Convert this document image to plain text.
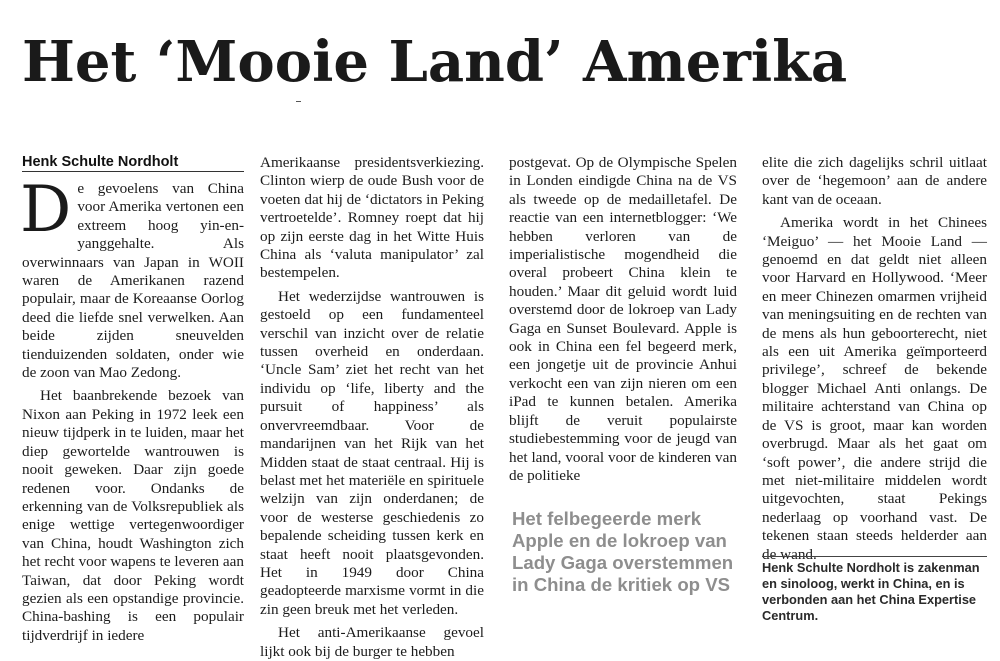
Het ‘Mooie Land’ Amerika

Henk Schulte Nordholt

De gevoelens van China voor Amerika vertonen een extreem hoog yin-en-yanggehalte. Als overwinnaars van Japan in WOII waren de Amerikanen razend populair, maar de Koreaanse Oorlog deed die liefde snel verwelken. Aan beide zijden sneuvelden tienduizenden soldaten, onder wie de zoon van Mao Zedong.

Het baanbrekende bezoek van Nixon aan Peking in 1972 leek een nieuw tijdperk in te luiden, maar het diep gewortelde wantrouwen is nooit geweken. Daar zijn goede redenen voor. Ondanks de erkenning van de Volksrepubliek als enige wettige vertegenwoordiger van China, houdt Washington zich het recht voor wapens te leveren aan Taiwan, dat door Peking wordt gezien als een opstandige provincie. China-bashing is een populair tijdverdrijf in iedere

Amerikaanse presidentsverkiezing. Clinton wierp de oude Bush voor de voeten dat hij de ‘dictators in Peking vertroetelde’. Romney roept dat hij op zijn eerste dag in het Witte Huis China als ‘valuta manipulator’ zal bestempelen.

Het wederzijdse wantrouwen is gestoeld op een fundamenteel verschil van inzicht over de relatie tussen overheid en onderdaan. ‘Uncle Sam’ ziet het recht van het individu op ‘life, liberty and the pursuit of happiness’ als onvervreemdbaar. Voor de mandarijnen van het Rijk van het Midden staat de staat centraal. Hij is belast met het materiële en spirituele welzijn van zijn onderdanen; de voor de westerse geschiedenis zo bepalende scheiding tussen kerk en staat heeft nooit plaatsgevonden. Het in 1949 door China geadopteerde marxisme vormt in die zin geen breuk met het verleden.

Het anti-Amerikaanse gevoel lijkt ook bij de burger te hebben

postgevat. Op de Olympische Spelen in Londen eindigde China na de VS als tweede op de medailletafel. De reactie van een internetblogger: ‘We hebben verloren van de imperialistische mogendheid die overal probeert China klein te houden.’ Maar dit geluid wordt luid overstemd door de lokroep van Lady Gaga en Sunset Boulevard. Apple is ook in China een fel begeerd merk, een jongetje uit de provincie Anhui verkocht een van zijn nieren om een iPad te kunnen betalen. Amerika blijft de veruit populairste studiebestemming voor de jeugd van het land, vooral voor de kinderen van de politieke

Het felbegeerde merk Apple en de lokroep van Lady Gaga overstemmen in China de kritiek op VS

elite die zich dagelijks schril uitlaat over de ‘hegemoon’ aan de andere kant van de oceaan.

Amerika wordt in het Chinees ‘Meiguo’ — het Mooie Land — genoemd en dat geldt niet alleen voor Harvard en Hollywood. ‘Meer en meer Chinezen omarmen vrijheid van meningsuiting en de rechten van de mens als hun geboorterecht, niet als een uit Amerika geïmporteerd privilege’, schreef de bekende blogger Michael Anti onlangs. De militaire achterstand van China op de VS is groot, maar kan worden overbrugd. Maar als het gaat om ‘soft power’, die andere strijd die met niet-militaire middelen wordt uitgevochten, staat Pekings nederlaag op voorhand vast. De tekenen staan steeds helderder aan de wand.

Henk Schulte Nordholt is zakenman en sinoloog, werkt in China, en is verbonden aan het China Expertise Centrum.
